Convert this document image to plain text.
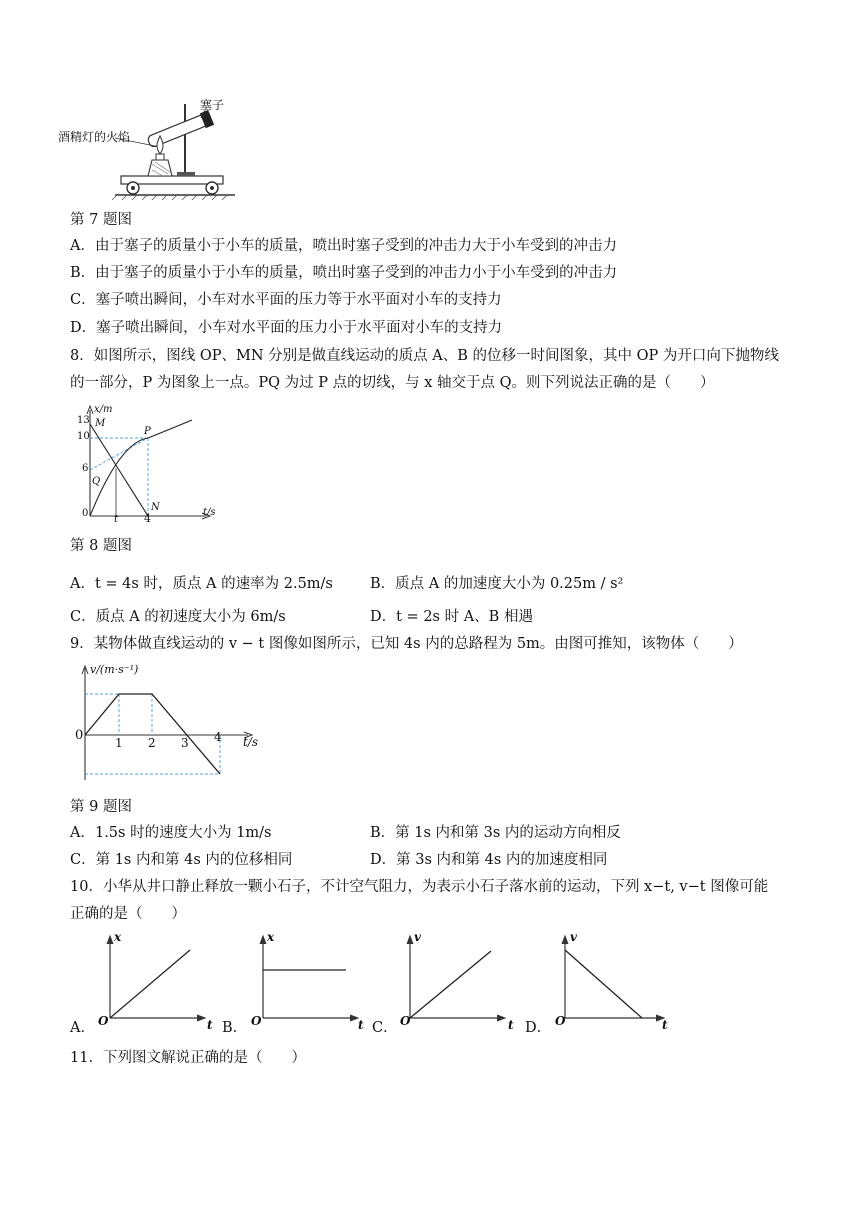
塞子
酒精灯的火焰
第 7 题图
A．由于塞子的质量小于小车的质量，喷出时塞子受到的冲击力大于小车受到的冲击力
B．由于塞子的质量小于小车的质量，喷出时塞子受到的冲击力小于小车受到的冲击力
C．塞子喷出瞬间，小车对水平面的压力等于水平面对小车的支持力
D．塞子喷出瞬间，小车对水平面的压力小于水平面对小车的支持力
8．如图所示，图线 OP、MN 分别是做直线运动的质点 A、B 的位移一时间图象，其中 OP 为开口向下抛物线
的一部分，P 为图象上一点。PQ 为过 P 点的切线，与 x 轴交于点 Q。则下列说法正确的是（　　）
x/m
t/s
13
10
6
0
t 4
M
P
Q
N
第 8 题图
A．t = 4s 时，质点 A 的速率为 2.5m/s	B．质点 A 的加速度大小为 0.25m / s²
C．质点 A 的初速度大小为 6m/s	D．t = 2s 时 A、B 相遇
9．某物体做直线运动的 v − t 图像如图所示，已知 4s 内的总路程为 5m。由图可推知，该物体（　　）
v/(m·s⁻¹)
0	t/s
1 2 3 4
第 9 题图
A．1.5s 时的速度大小为 1m/s	B．第 1s 内和第 3s 内的运动方向相反
C．第 1s 内和第 4s 内的位移相同	D．第 3s 内和第 4s 内的加速度相同
10．小华从井口静止释放一颗小石子，不计空气阻力，为表示小石子落水前的运动，下列 x−t, v−t 图像可能
正确的是（　　）
A．
x
O	t B．
x
O	t C．
v
O	t D．
v
O	t
11．下列图文解说正确的是（　　）
